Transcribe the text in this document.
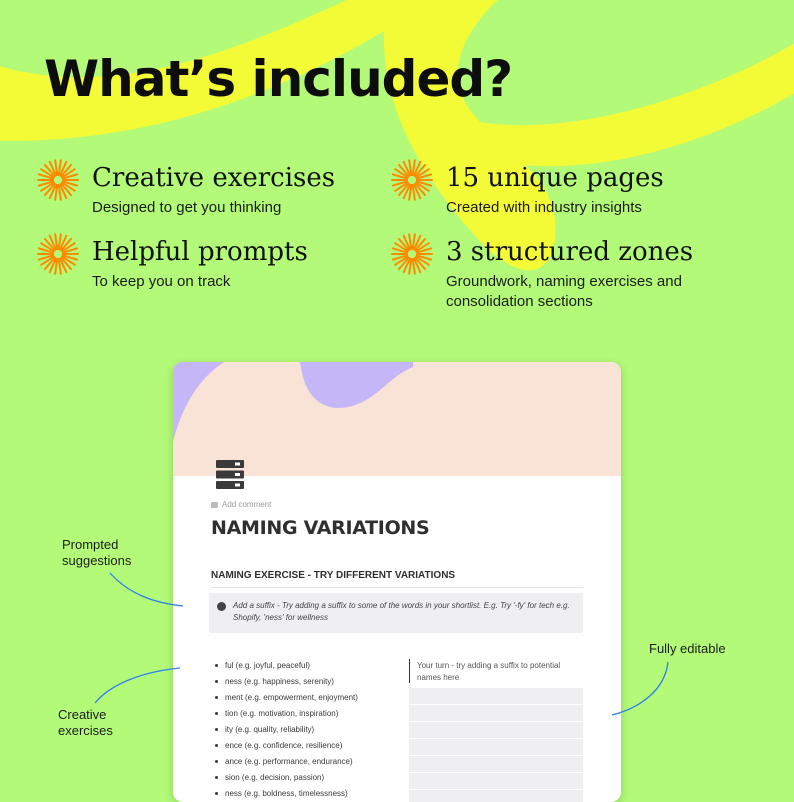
What’s included?
Creative exercises

Designed to get you thinking

15 unique pages

Created with industry insights

Helpful prompts

To keep you on track

3 structured zones

Groundwork, naming exercises and
consolidation sections

Add comment
NAMING VARIATIONS
NAMING EXERCISE - TRY DIFFERENT VARIATIONS

Add a suffix - Try adding a suffix to some of the words in your shortlist. E.g. Try '-fy' for tech e.g. Shopify, 'ness' for wellness

ful (e.g. joyful, peaceful)
ness (e.g. happiness, serenity)
ment (e.g. empowerment, enjoyment)
tion (e.g. motivation, inspiration)
ity (e.g. quality, reliability)
ence (e.g. confidence, resilience)
ance (e.g. performance, endurance)
sion (e.g. decision, passion)
ness (e.g. boldness, timelessness)
Your turn - try adding a suffix to potential names here
Prompted
suggestions
Creative
exercises
Fully editable
